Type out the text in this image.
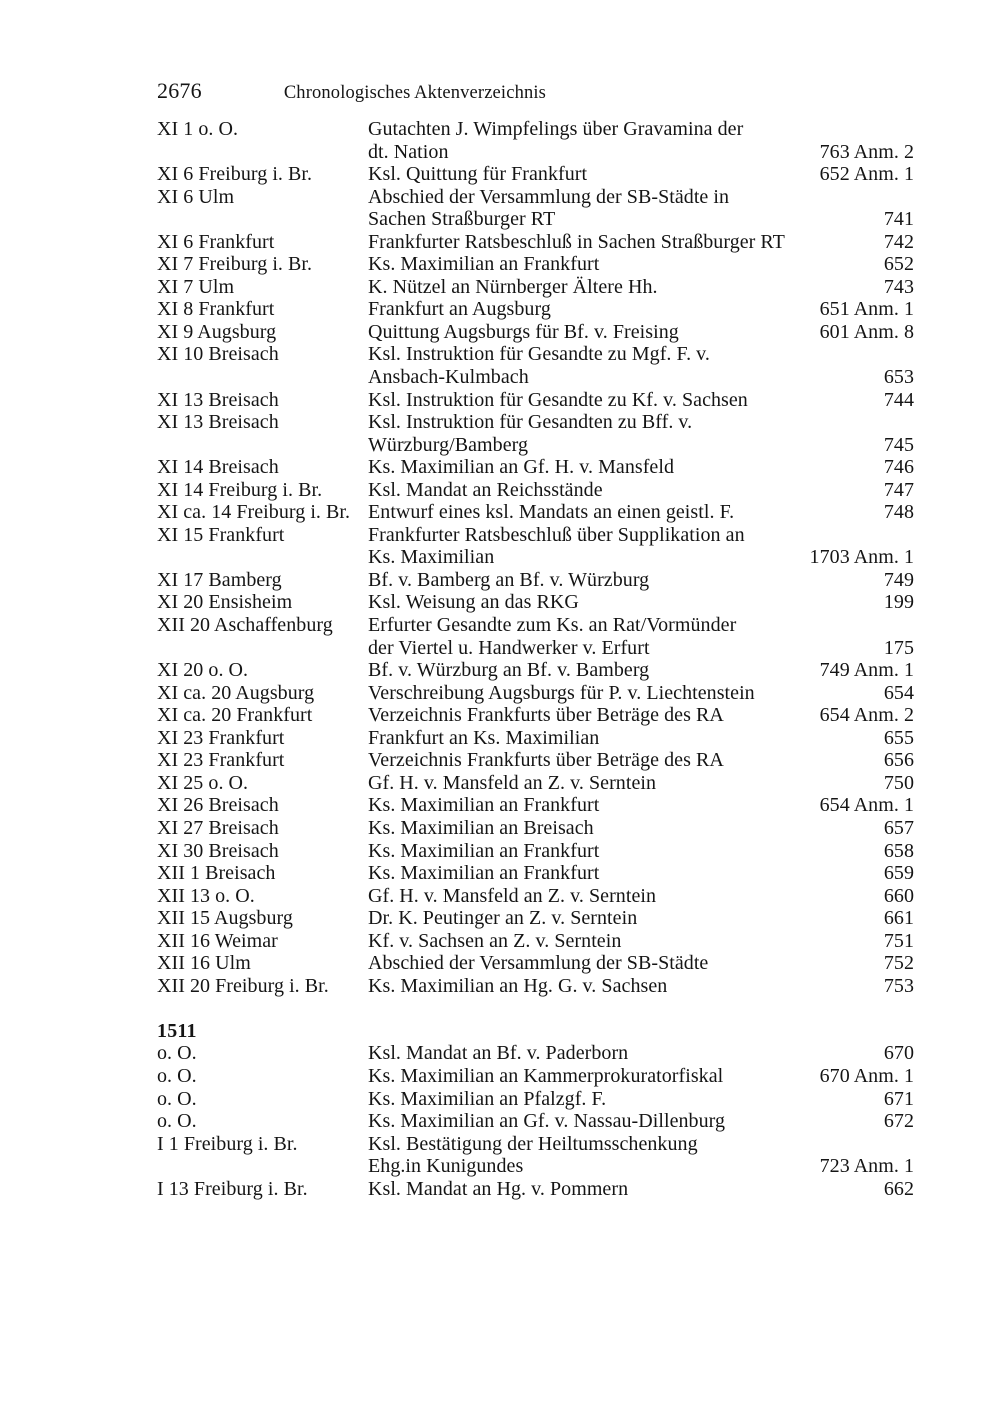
2676	Chronologisches Aktenverzeichnis
XI 1 o. O.	Gutachten J. Wimpfelings über Gravamina der
dt. Nation	763 Anm. 2
XI 6 Freiburg i. Br.	Ksl. Quittung für Frankfurt	652 Anm. 1
XI 6 Ulm	Abschied der Versammlung der SB-Städte in
Sachen Straßburger RT	741
XI 6 Frankfurt	Frankfurter Ratsbeschluß in Sachen Straßburger RT	742
XI 7 Freiburg i. Br.	Ks. Maximilian an Frankfurt	652
XI 7 Ulm	K. Nützel an Nürnberger Ältere Hh.	743
XI 8 Frankfurt	Frankfurt an Augsburg	651 Anm. 1
XI 9 Augsburg	Quittung Augsburgs für Bf. v. Freising	601 Anm. 8
XI 10 Breisach	Ksl. Instruktion für Gesandte zu Mgf. F. v.
Ansbach-Kulmbach	653
XI 13 Breisach	Ksl. Instruktion für Gesandte zu Kf. v. Sachsen	744
XI 13 Breisach	Ksl. Instruktion für Gesandten zu Bff. v.
Würzburg/Bamberg	745
XI 14 Breisach	Ks. Maximilian an Gf. H. v. Mansfeld	746
XI 14 Freiburg i. Br.	Ksl. Mandat an Reichsstände	747
XI ca. 14 Freiburg i. Br. Entwurf eines ksl. Mandats an einen geistl. F.	748
XI 15 Frankfurt	Frankfurter Ratsbeschluß über Supplikation an
Ks. Maximilian	1703 Anm. 1
XI 17 Bamberg	Bf. v. Bamberg an Bf. v. Würzburg	749
XI 20 Ensisheim	Ksl. Weisung an das RKG	199
XII 20 Aschaffenburg	Erfurter Gesandte zum Ks. an Rat/Vormünder
der Viertel u. Handwerker v. Erfurt	175
XI 20 o. O.	Bf. v. Würzburg an Bf. v. Bamberg	749 Anm. 1
XI ca. 20 Augsburg	Verschreibung Augsburgs für P. v. Liechtenstein	654
XI ca. 20 Frankfurt	Verzeichnis Frankfurts über Beträge des RA	654 Anm. 2
XI 23 Frankfurt	Frankfurt an Ks. Maximilian	655
XI 23 Frankfurt	Verzeichnis Frankfurts über Beträge des RA	656
XI 25 o. O.	Gf. H. v. Mansfeld an Z. v. Serntein	750
XI 26 Breisach	Ks. Maximilian an Frankfurt	654 Anm. 1
XI 27 Breisach	Ks. Maximilian an Breisach	657
XI 30 Breisach	Ks. Maximilian an Frankfurt	658
XII 1 Breisach	Ks. Maximilian an Frankfurt	659
XII 13 o. O.	Gf. H. v. Mansfeld an Z. v. Serntein	660
XII 15 Augsburg	Dr. K. Peutinger an Z. v. Serntein	661
XII 16 Weimar	Kf. v. Sachsen an Z. v. Serntein	751
XII 16 Ulm	Abschied der Versammlung der SB-Städte	752
XII 20 Freiburg i. Br.	Ks. Maximilian an Hg. G. v. Sachsen	753
1511
o. O.	Ksl. Mandat an Bf. v. Paderborn	670
o. O.	Ks. Maximilian an Kammerprokuratorfiskal	670 Anm. 1
o. O.	Ks. Maximilian an Pfalzgf. F.	671
o. O.	Ks. Maximilian an Gf. v. Nassau-Dillenburg	672
I 1 Freiburg i. Br.	Ksl. Bestätigung der Heiltumsschenkung
Ehg.in Kunigundes	723 Anm. 1
I 13 Freiburg i. Br.	Ksl. Mandat an Hg. v. Pommern	662
